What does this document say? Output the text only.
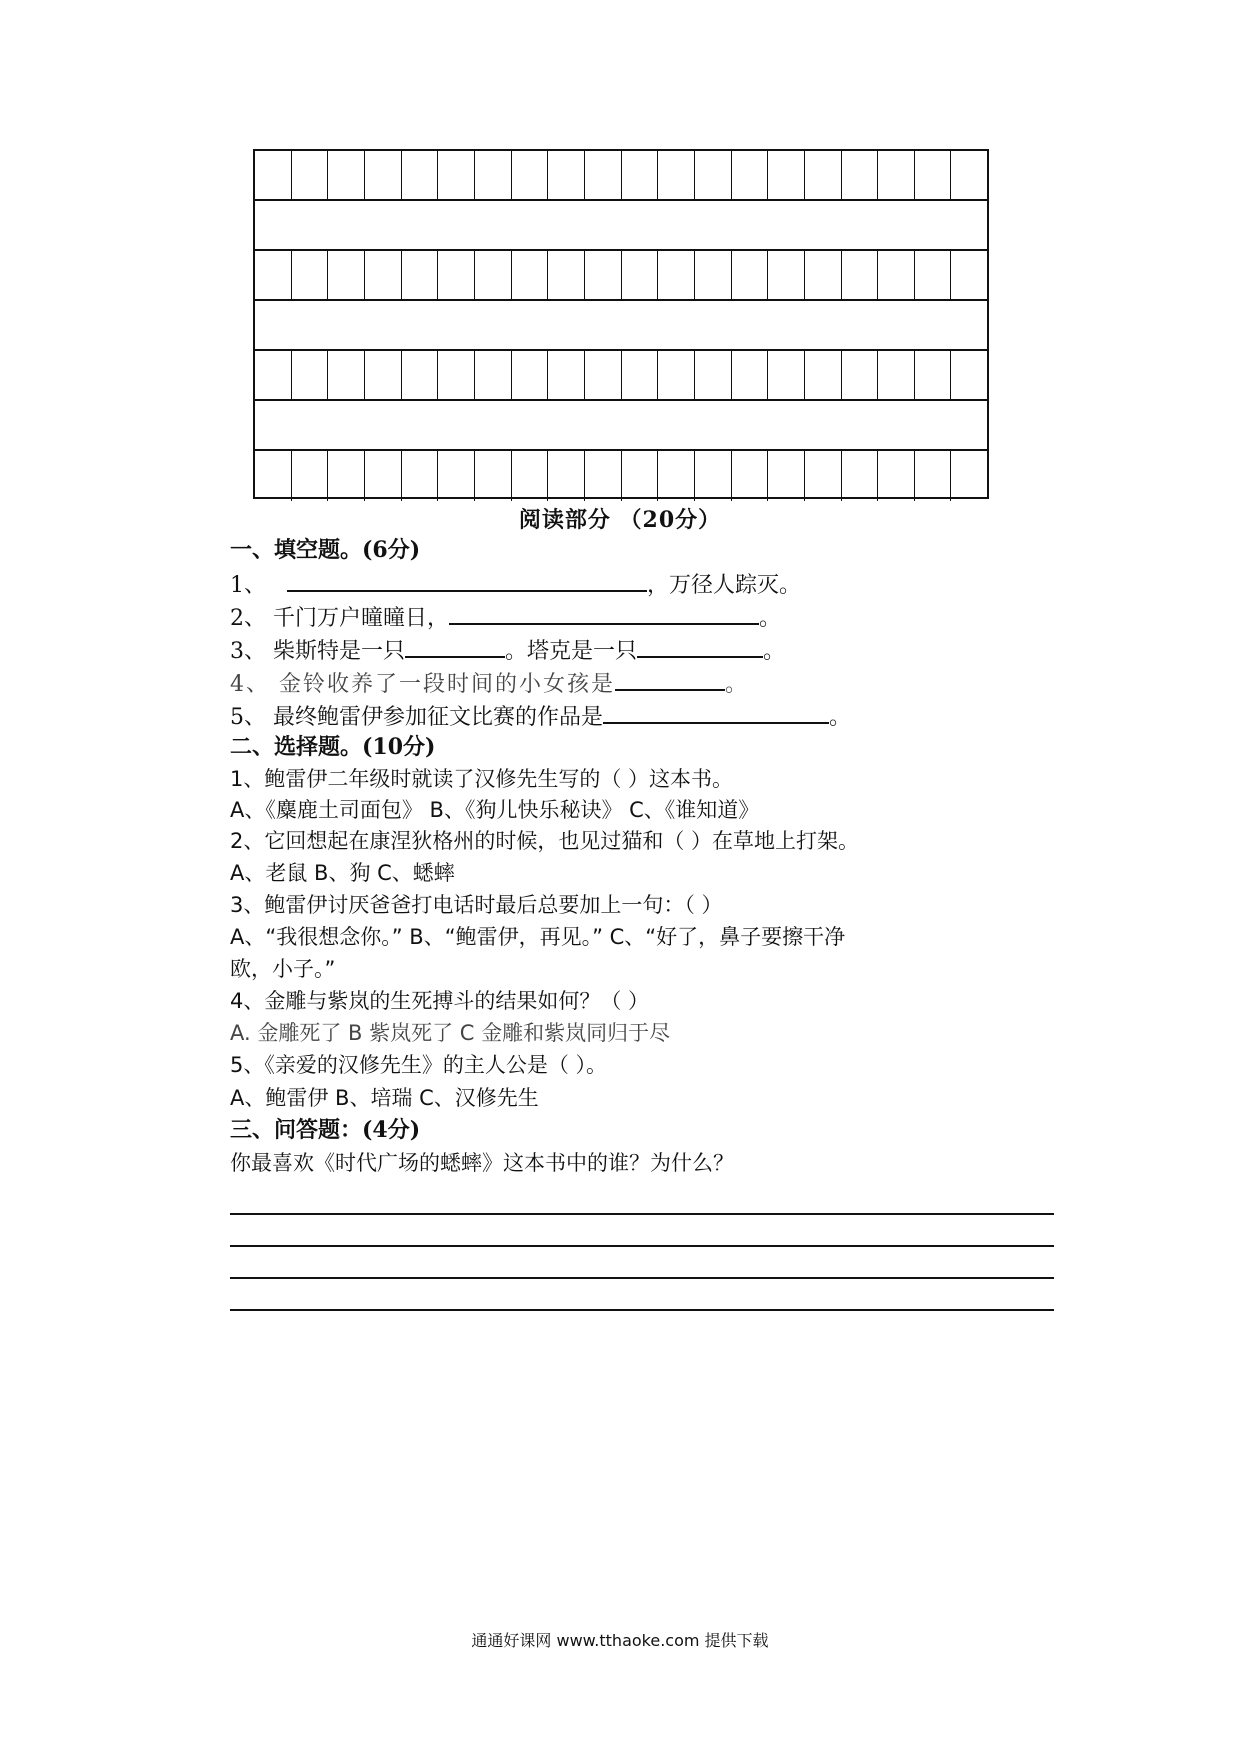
阅读部分 （20分）
一、填空题。(6分)
1、	，万径人踪灭。
2、 千门万户曈曈日，	。
3、 柴斯特是一只	。塔克是一只	。
4、 金铃收养了一段时间的小女孩是	。
5、 最终鲍雷伊参加征文比赛的作品是	。
二、选择题。(10分)
1、鲍雷伊二年级时就读了汉修先生写的（ ）这本书。
A、《麋鹿土司面包》 B、《狗儿快乐秘诀》 C、《谁知道》
2、它回想起在康涅狄格州的时候，也见过猫和（ ）在草地上打架。
A、老鼠 B、狗 C、蟋蟀
3、鲍雷伊讨厌爸爸打电话时最后总要加上一句：（ ）
A、“我很想念你。” B、“鲍雷伊，再见。” C、“好了，鼻子要擦干净
欧，小子。”
4、金雕与紫岚的生死搏斗的结果如何？（ ）
A. 金雕死了 B 紫岚死了 C 金雕和紫岚同归于尽
5、《亲爱的汉修先生》的主人公是（ ）。
A、鲍雷伊 B、培瑞 C、汉修先生
三、问答题：(4分)
你最喜欢《时代广场的蟋蟀》这本书中的谁？为什么？
通通好课网 www.tthaoke.com 提供下载
